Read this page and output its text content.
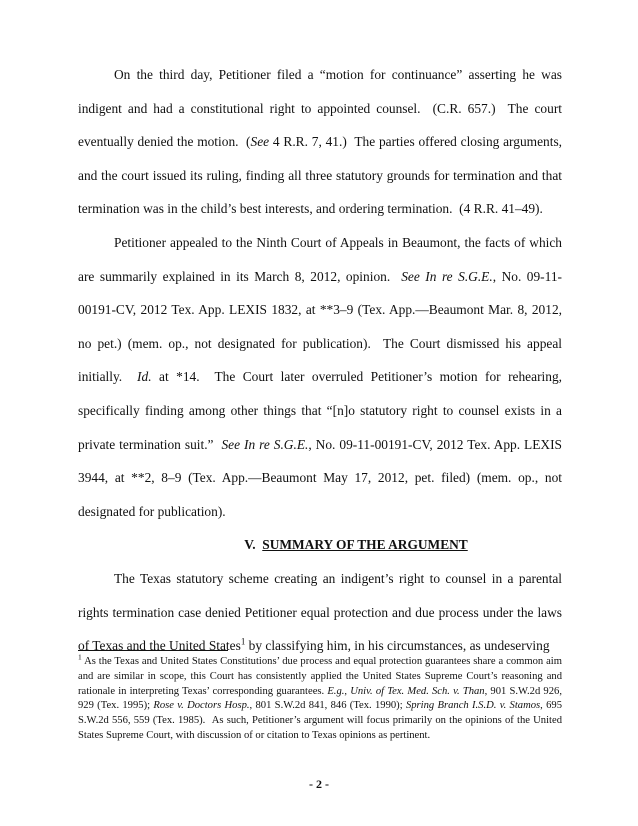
On the third day, Petitioner filed a “motion for continuance” asserting he was indigent and had a constitutional right to appointed counsel.  (C.R. 657.)  The court eventually denied the motion.  (See 4 R.R. 7, 41.)  The parties offered closing arguments, and the court issued its ruling, finding all three statutory grounds for termination and that termination was in the child’s best interests, and ordering termination.  (4 R.R. 41–49).

Petitioner appealed to the Ninth Court of Appeals in Beaumont, the facts of which are summarily explained in its March 8, 2012, opinion.  See In re S.G.E., No. 09-11-00191-CV, 2012 Tex. App. LEXIS 1832, at **3–9 (Tex. App.—Beaumont Mar. 8, 2012, no pet.) (mem. op., not designated for publication).  The Court dismissed his appeal initially.  Id. at *14.  The Court later overruled Petitioner’s motion for rehearing, specifically finding among other things that “[n]o statutory right to counsel exists in a private termination suit.”  See In re S.G.E., No. 09-11-00191-CV, 2012 Tex. App. LEXIS 3944, at **2, 8–9 (Tex. App.—Beaumont May 17, 2012, pet. filed) (mem. op., not designated for publication).

V. SUMMARY OF THE ARGUMENT

The Texas statutory scheme creating an indigent’s right to counsel in a parental rights termination case denied Petitioner equal protection and due process under the laws of Texas and the United States$^1$ by classifying him, in his circumstances, as undeserving

$^1$ As the Texas and United States Constitutions’ due process and equal protection guarantees share a common aim and are similar in scope, this Court has consistently applied the United States Supreme Court’s reasoning and rationale in interpreting Texas’ corresponding guarantees. E.g., Univ. of Tex. Med. Sch. v. Than, 901 S.W.2d 926, 929 (Tex. 1995); Rose v. Doctors Hosp., 801 S.W.2d 841, 846 (Tex. 1990); Spring Branch I.S.D. v. Stamos, 695 S.W.2d 556, 559 (Tex. 1985).  As such, Petitioner’s argument will focus primarily on the opinions of the United States Supreme Court, with discussion of or citation to Texas opinions as pertinent.
- 2 -
